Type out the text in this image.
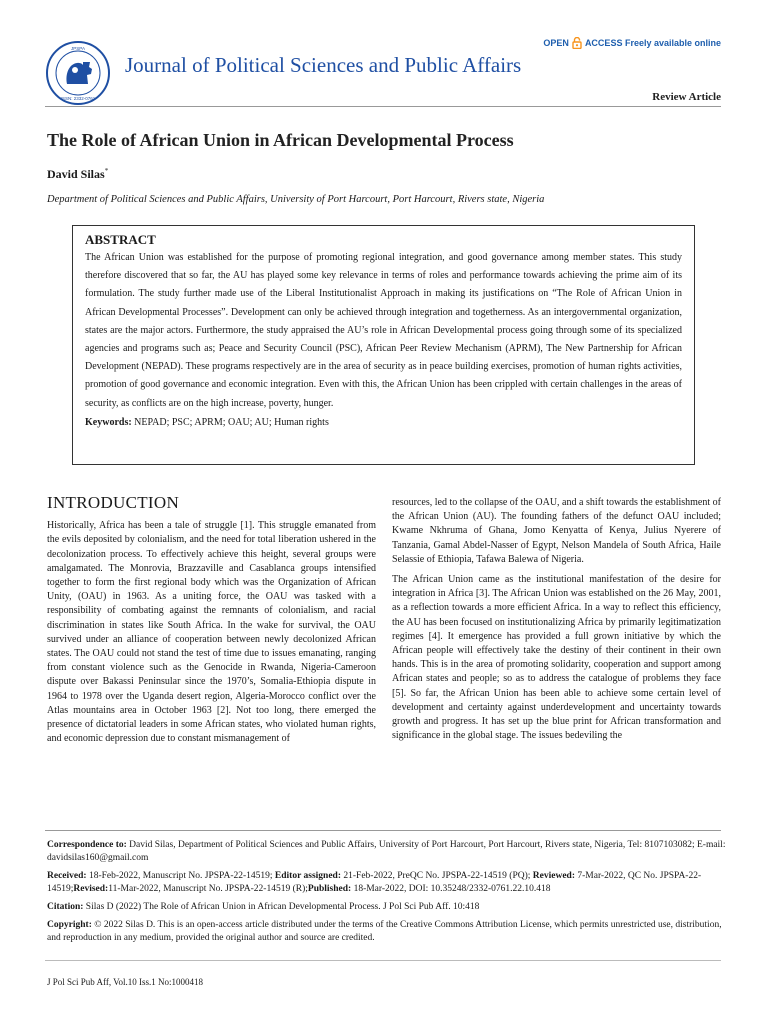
JPSPA
ISSN: 2332-0761
Journal of Political Sciences and Public Affairs
OPEN ACCESS Freely available online
Review Article
The Role of African Union in African Developmental Process
David Silas*
Department of Political Sciences and Public Affairs, University of Port Harcourt, Port Harcourt, Rivers state, Nigeria

ABSTRACT

The African Union was established for the purpose of promoting regional integration, and good governance among member states. This study therefore discovered that so far, the AU has played some key relevance in terms of roles and performance towards achieving the prime aim of its formulation. The study further made use of the Liberal Institutionalist Approach in making its justifications on “The Role of African Union in African Developmental Processes”. Development can only be achieved through integration and togetherness. As an intergovernmental organization, states are the major actors. Furthermore, the study appraised the AU’s role in African Developmental process going through some of its specialized agencies and programs such as; Peace and Security Council (PSC), African Peer Review Mechanism (APRM), The New Partnership for African Development (NEPAD). These programs respectively are in the area of security as in peace building exercises, promotion of human rights activities, promotion of good governance and economic integration. Even with this, the African Union has been crippled with certain challenges in the areas of security, as conflicts are on the high increase, poverty, hunger.

Keywords: NEPAD; PSC; APRM; OAU; AU; Human rights

INTRODUCTION

Historically, Africa has been a tale of struggle [1]. This struggle emanated from the evils deposited by colonialism, and the need for total liberation ushered in the decolonization process. To effectively achieve this height, several groups were amalgamated. The Monrovia, Brazzaville and Casablanca groups intensified together to form the first regional body which was the Organization of African Unity, (OAU) in 1963. As a uniting force, the OAU was tasked with a responsibility of combating against the remnants of colonialism, and racial discrimination in states like South Africa. In the wake for survival, the OAU survived under an alliance of cooperation between newly decolonized African states. The OAU could not stand the test of time due to issues emanating, ranging from constant violence such as the Genocide in Rwanda, Nigeria-Cameroon dispute over Bakassi Peninsular since the 1970’s, Somalia-Ethiopia dispute in 1964 to 1978 over the Uganda desert region, Algeria-Morocco conflict over the Atlas mountains area in October 1963 [2]. Not too long, there emerged the presence of dictatorial leaders in some African states, who violated human rights, and economic depression due to constant mismanagement of

resources, led to the collapse of the OAU, and a shift towards the establishment of the African Union (AU). The founding fathers of the defunct OAU included; Kwame Nkhruma of Ghana, Jomo Kenyatta of Kenya, Julius Nyerere of Tanzania, Gamal Abdel-Nasser of Egypt, Nelson Mandela of South Africa, Haile Selassie of Ethiopia, Tafawa Balewa of Nigeria.

The African Union came as the institutional manifestation of the desire for integration in Africa [3]. The African Union was established on the 26 May, 2001, as a reflection towards a more efficient Africa. In a way to reflect this efficiency, the AU has been focused on institutionalizing Africa by primarily legitimatization regimes [4]. It emergence has provided a full grown initiative by which the African people will effectively take the destiny of their continent in their own hands. This is in the area of promoting solidarity, cooperation and support among African states and people; so as to address the catalogue of problems they face [5]. So far, the African Union has been able to achieve some certain level of development and certainty against underdevelopment and uncertainty towards growth and progress. It has set up the blue print for African transformation and significance in the global stage. The issues bedeviling the

Correspondence to: David Silas, Department of Political Sciences and Public Affairs, University of Port Harcourt, Port Harcourt, Rivers state, Nigeria, Tel: 8107103082; E-mail: davidsilas160@gmail.com

Received: 18-Feb-2022, Manuscript No. JPSPA-22-14519; Editor assigned: 21-Feb-2022, PreQC No. JPSPA-22-14519 (PQ); Reviewed: 7-Mar-2022, QC No. JPSPA-22-14519;Revised:11-Mar-2022, Manuscript No. JPSPA-22-14519 (R);Published: 18-Mar-2022, DOI: 10.35248/2332-0761.22.10.418

Citation: Silas D (2022) The Role of African Union in African Developmental Process. J Pol Sci Pub Aff. 10:418

Copyright: © 2022 Silas D. This is an open-access article distributed under the terms of the Creative Commons Attribution License, which permits unrestricted use, distribution, and reproduction in any medium, provided the original author and source are credited.

J Pol Sci Pub Aff, Vol.10 Iss.1 No:1000418
